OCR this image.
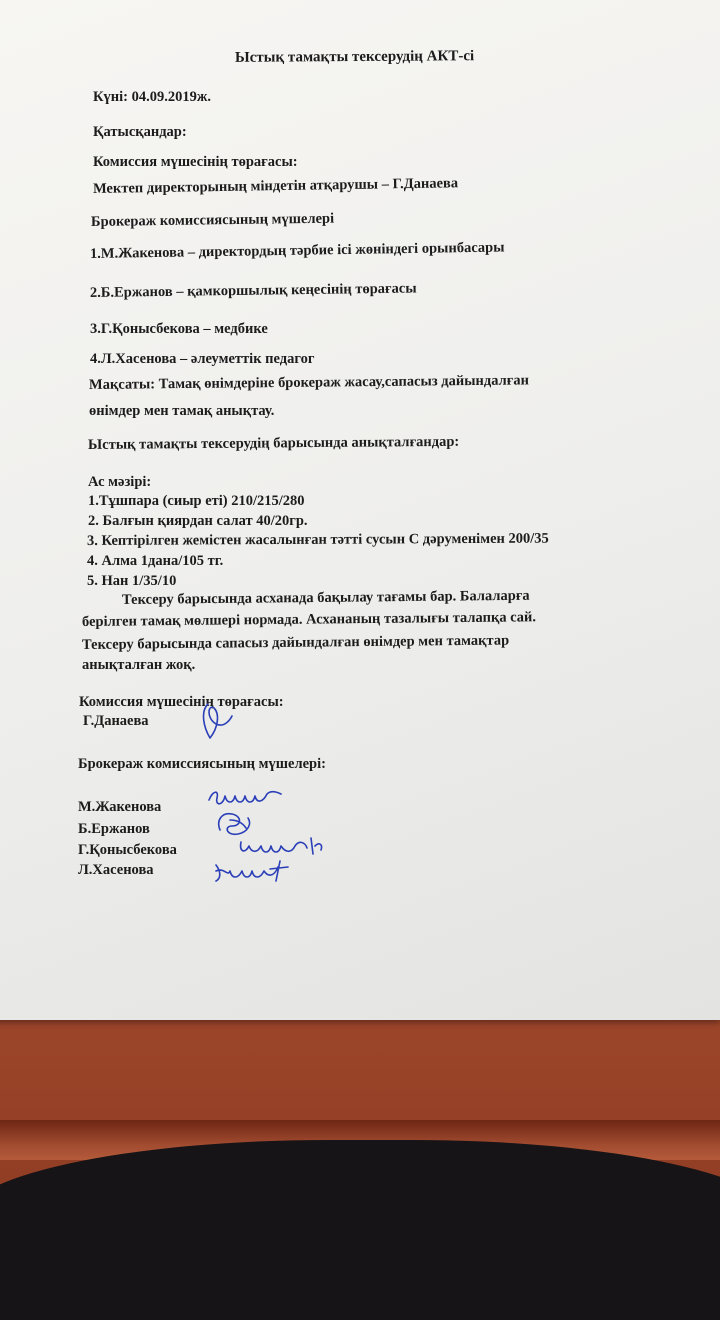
Ыстық тамақты тексерудің АКТ-сі
Күні: 04.09.2019ж.
Қатысқандар:
Комиссия мүшесінің төрағасы:
Мектеп директорының міндетін атқарушы – Г.Данаева
Брокераж комиссиясының мүшелері
1.М.Жакенова – директордың тәрбие ісі жөніндегі орынбасары
2.Б.Ержанов – қамкоршылық кеңесінің төрағасы
3.Г.Қонысбекова – медбике
4.Л.Хасенова – әлеуметтік педагог
Мақсаты: Тамақ өнімдеріне брокераж жасау,сапасыз дайындалған
өнімдер мен тамақ анықтау.
Ыстық тамақты тексерудің барысында анықталғандар:
Ас мәзірі:
1.Тұшпара (сиыр еті) 210/215/280
2. Балғын қиярдан салат 40/20гр.
3. Кептірілген жемістен жасалынған тәтті сусын С дәруменімен 200/35
4. Алма 1дана/105 тг.
5. Нан 1/35/10
Тексеру барысында асханада бақылау тағамы бар. Балаларға
берілген тамақ мөлшері нормада. Асхананың тазалығы талапқа сай.
Тексеру барысында сапасыз дайындалған өнімдер мен тамақтар
анықталған жоқ.
Комиссия мүшесінің төрағасы:
Г.Данаева
Брокераж комиссиясының мүшелері:
М.Жакенова
Б.Ержанов
Г.Қонысбекова
Л.Хасенова
